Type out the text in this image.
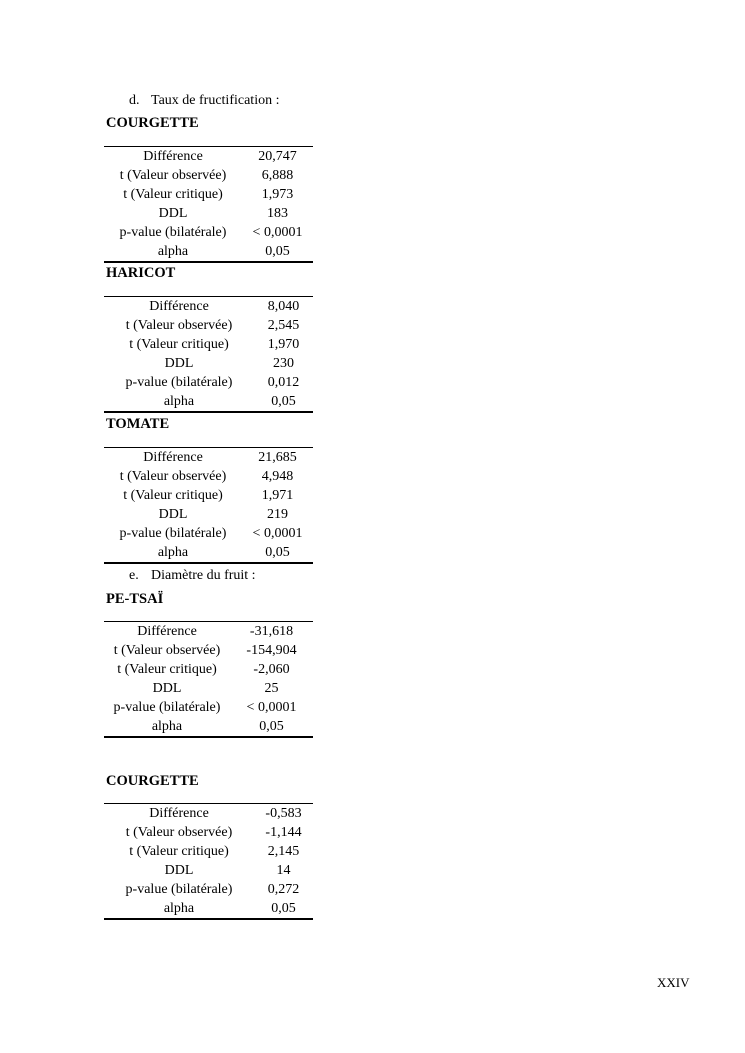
d. Taux de fructification :
COURGETTE
Différence	20,747
t (Valeur observée)	6,888
t (Valeur critique)	1,973
DDL	183
p-value (bilatérale)	< 0,0001
alpha	0,05
HARICOT
Différence	8,040
t (Valeur observée)	2,545
t (Valeur critique)	1,970
DDL	230
p-value (bilatérale)	0,012
alpha	0,05
TOMATE
Différence	21,685
t (Valeur observée)	4,948
t (Valeur critique)	1,971
DDL	219
p-value (bilatérale)	< 0,0001
alpha	0,05
e. Diamètre du fruit :
PE-TSAÏ
Différence	-31,618
t (Valeur observée)	-154,904
t (Valeur critique)	-2,060
DDL	25
p-value (bilatérale)	< 0,0001
alpha	0,05
COURGETTE
Différence	-0,583
t (Valeur observée)	-1,144
t (Valeur critique)	2,145
DDL	14
p-value (bilatérale)	0,272
alpha	0,05
XXIV
